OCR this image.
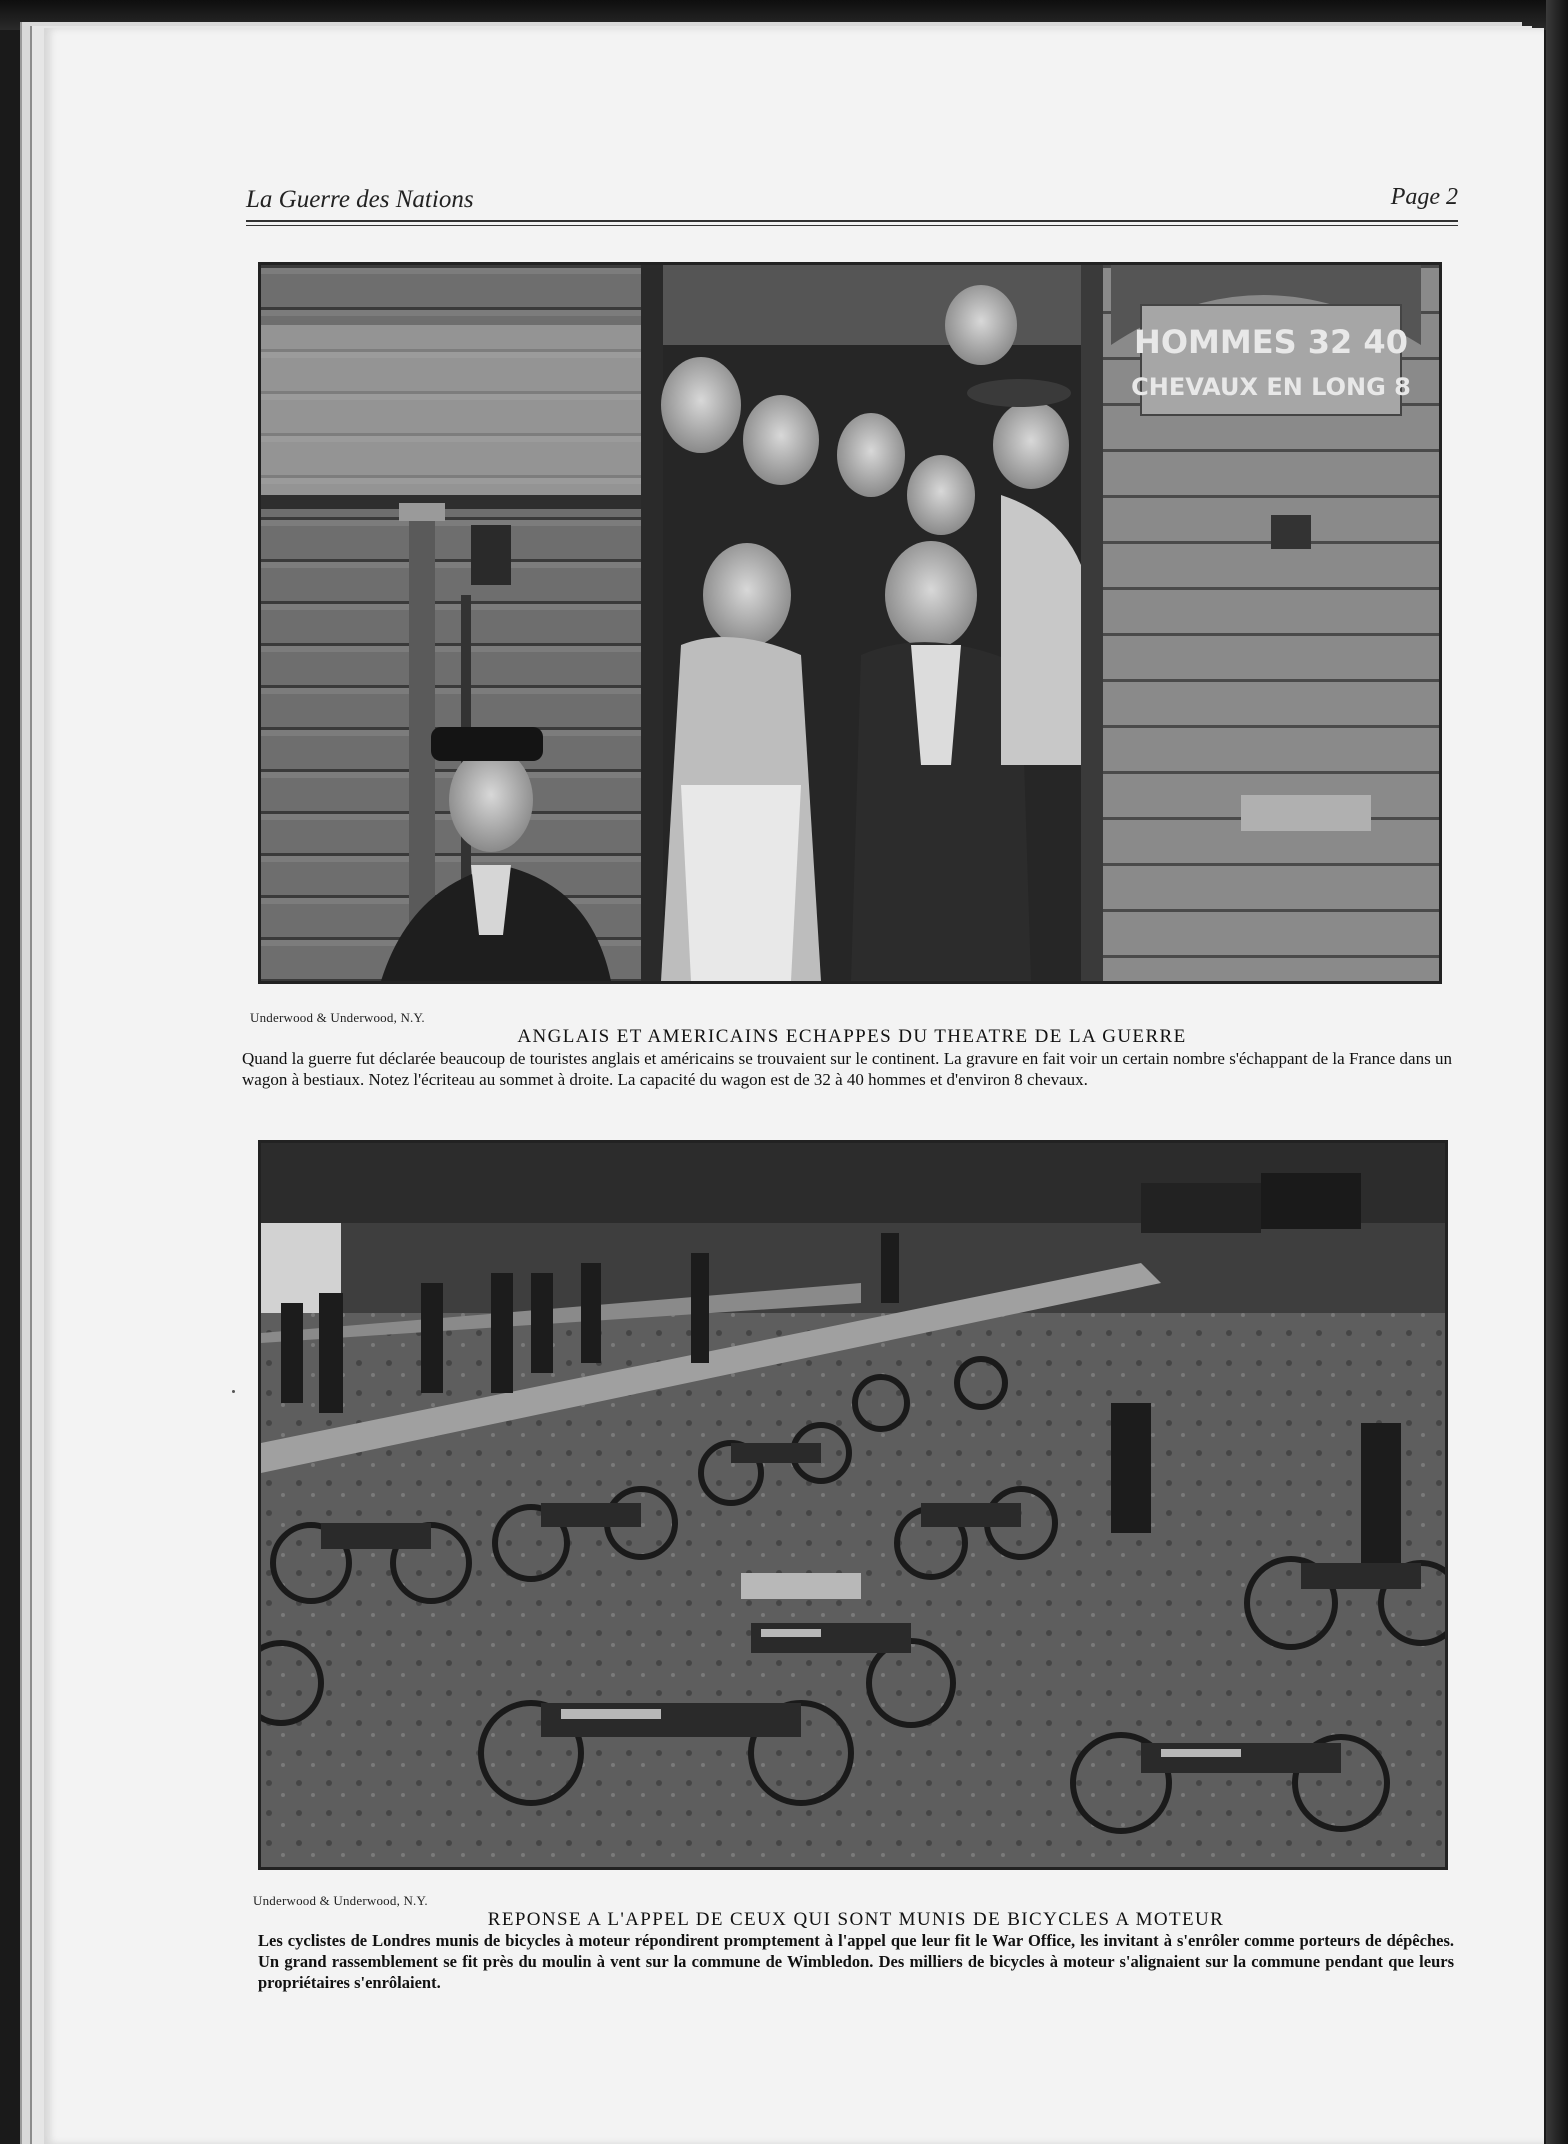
La Guerre des Nations	Page 2
HOMMES 32 40
CHEVAUX EN LONG 8
Underwood & Underwood, N.Y.
ANGLAIS ET AMERICAINS ECHAPPES DU THEATRE DE LA GUERRE
Quand la guerre fut déclarée beaucoup de touristes anglais et américains se trouvaient sur le continent. La gravure en fait voir un certain nombre s'échappant de la France dans un wagon à bestiaux. Notez l'écriteau au sommet à droite. La capacité du wagon est de 32 à 40 hommes et d'environ 8 chevaux.
Underwood & Underwood, N.Y.
REPONSE A L'APPEL DE CEUX QUI SONT MUNIS DE BICYCLES A MOTEUR
Les cyclistes de Londres munis de bicycles à moteur répondirent promptement à l'appel que leur fit le War Office, les invitant à s'enrôler comme porteurs de dépêches. Un grand rassemblement se fit près du moulin à vent sur la commune de Wimbledon. Des milliers de bicycles à moteur s'alignaient sur la commune pendant que leurs propriétaires s'enrôlaient.
